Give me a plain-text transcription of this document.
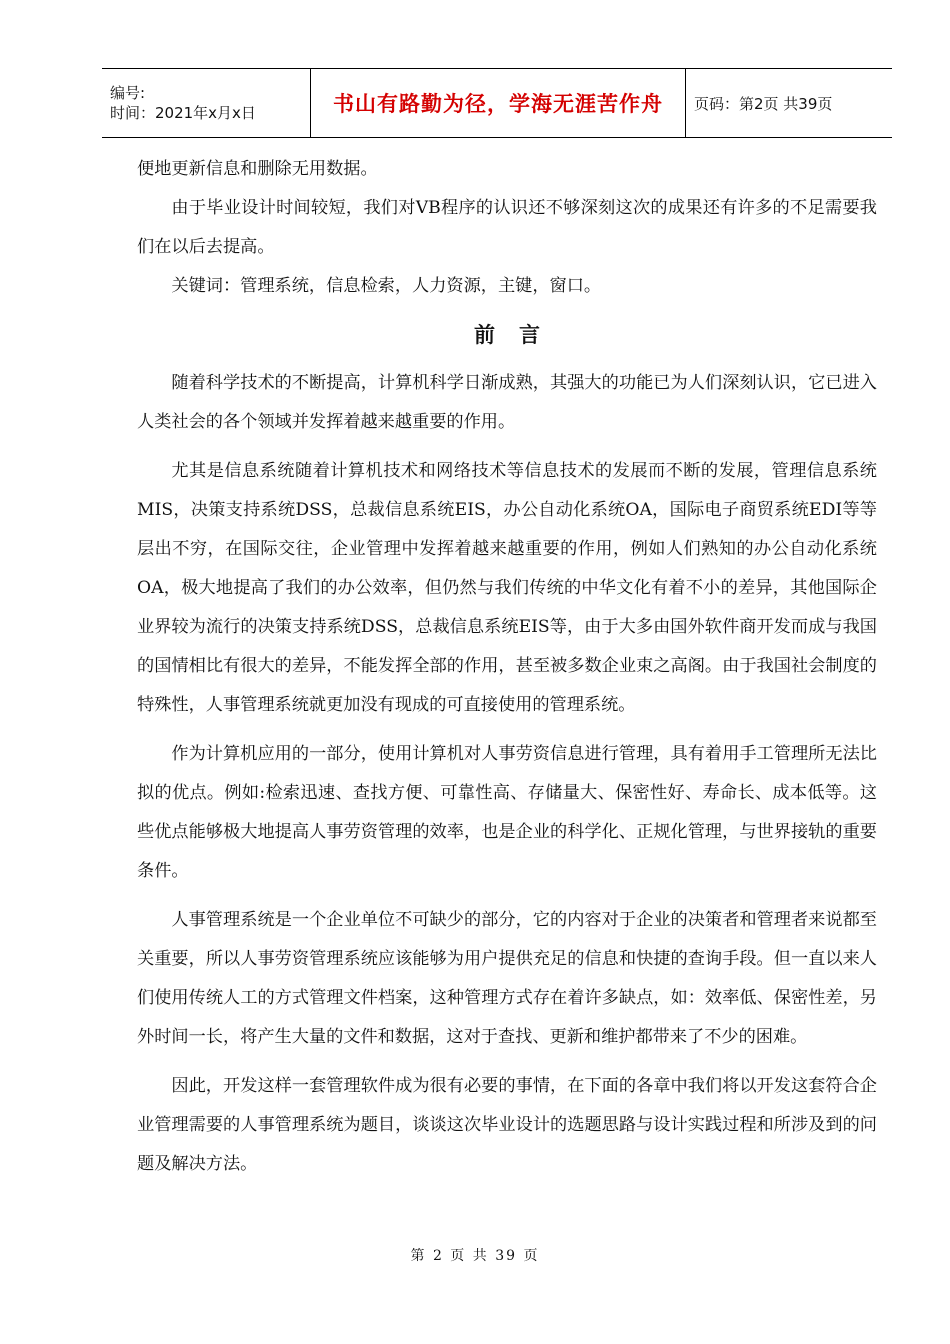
编号:
时间：2021年x月x日	书山有路勤为径，学海无涯苦作舟 页码：第2页 共39页

便地更新信息和删除无用数据。

由于毕业设计时间较短，我们对VB程序的认识还不够深刻这次的成果还有许多的不足需要我们在以后去提高。

关键词：管理系统，信息检索，人力资源，主键，窗口。

前言

随着科学技术的不断提高，计算机科学日渐成熟，其强大的功能已为人们深刻认识，它已进入人类社会的各个领域并发挥着越来越重要的作用。

尤其是信息系统随着计算机技术和网络技术等信息技术的发展而不断的发展，管理信息系统MIS，决策支持系统DSS，总裁信息系统EIS，办公自动化系统OA，国际电子商贸系统EDI等等层出不穷，在国际交往，企业管理中发挥着越来越重要的作用，例如人们熟知的办公自动化系统OA，极大地提高了我们的办公效率，但仍然与我们传统的中华文化有着不小的差异，其他国际企业界较为流行的决策支持系统DSS，总裁信息系统EIS等，由于大多由国外软件商开发而成与我国的国情相比有很大的差异，不能发挥全部的作用，甚至被多数企业束之高阁。由于我国社会制度的特殊性，人事管理系统就更加没有现成的可直接使用的管理系统。

作为计算机应用的一部分，使用计算机对人事劳资信息进行管理，具有着用手工管理所无法比拟的优点。例如:检索迅速、查找方便、可靠性高、存储量大、保密性好、寿命长、成本低等。这些优点能够极大地提高人事劳资管理的效率，也是企业的科学化、正规化管理，与世界接轨的重要条件。

人事管理系统是一个企业单位不可缺少的部分，它的内容对于企业的决策者和管理者来说都至关重要，所以人事劳资管理系统应该能够为用户提供充足的信息和快捷的查询手段。但一直以来人们使用传统人工的方式管理文件档案，这种管理方式存在着许多缺点，如：效率低、保密性差，另外时间一长，将产生大量的文件和数据，这对于查找、更新和维护都带来了不少的困难。

因此，开发这样一套管理软件成为很有必要的事情，在下面的各章中我们将以开发这套符合企业管理需要的人事管理系统为题目，谈谈这次毕业设计的选题思路与设计实践过程和所涉及到的问题及解决方法。

第 2 页 共 39 页
